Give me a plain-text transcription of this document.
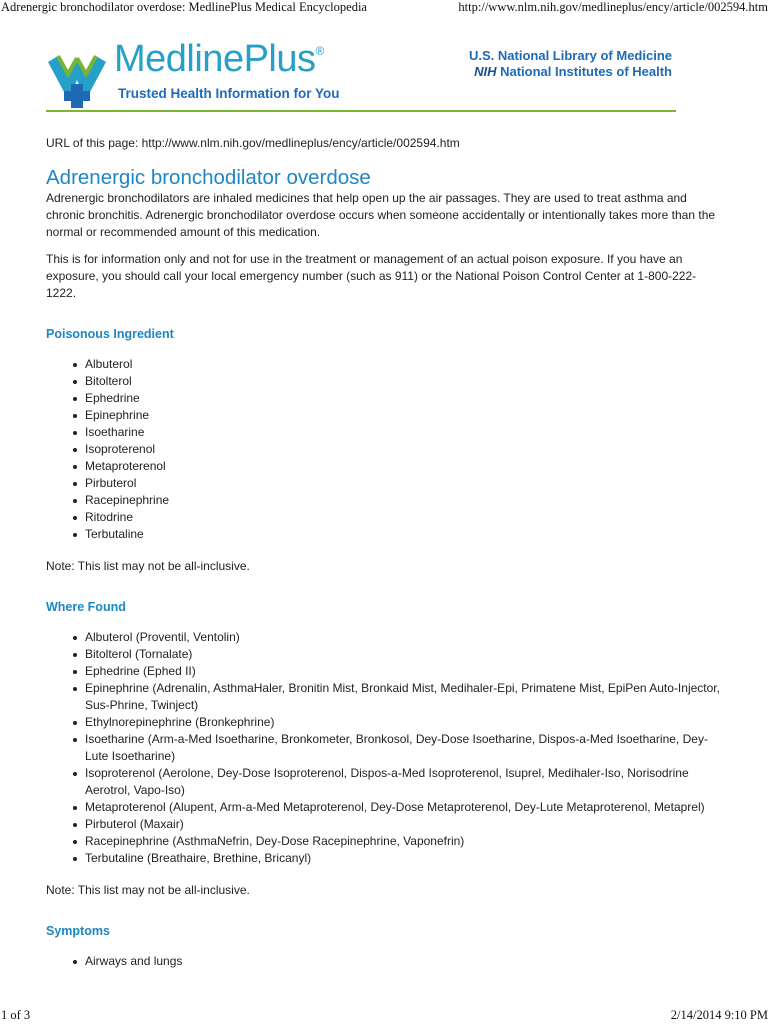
Adrenergic bronchodilator overdose: MedlinePlus Medical Encyclopedia	http://www.nlm.nih.gov/medlineplus/ency/article/002594.htm
MedlinePlus®
Trusted Health Information for You
U.S. National Library of Medicine
NIH National Institutes of Health

URL of this page: http://www.nlm.nih.gov/medlineplus/ency/article/002594.htm

Adrenergic bronchodilator overdose

Adrenergic bronchodilators are inhaled medicines that help open up the air passages. They are used to treat asthma and chronic bronchitis. Adrenergic bronchodilator overdose occurs when someone accidentally or intentionally takes more than the normal or recommended amount of this medication.

This is for information only and not for use in the treatment or management of an actual poison exposure. If you have an exposure, you should call your local emergency number (such as 911) or the National Poison Control Center at 1-800-222-1222.

Poisonous Ingredient
Albuterol
Bitolterol
Ephedrine
Epinephrine
Isoetharine
Isoproterenol
Metaproterenol
Pirbuterol
Racepinephrine
Ritodrine
Terbutaline

Note: This list may not be all-inclusive.

Where Found
Albuterol (Proventil, Ventolin)
Bitolterol (Tornalate)
Ephedrine (Ephed II)
Epinephrine (Adrenalin, AsthmaHaler, Bronitin Mist, Bronkaid Mist, Medihaler-Epi, Primatene Mist, EpiPen Auto-Injector, Sus-Phrine, Twinject)
Ethylnorepinephrine (Bronkephrine)
Isoetharine (Arm-a-Med Isoetharine, Bronkometer, Bronkosol, Dey-Dose Isoetharine, Dispos-a-Med Isoetharine, Dey-Lute Isoetharine)
Isoproterenol (Aerolone, Dey-Dose Isoproterenol, Dispos-a-Med Isoproterenol, Isuprel, Medihaler-Iso, Norisodrine Aerotrol, Vapo-Iso)
Metaproterenol (Alupent, Arm-a-Med Metaproterenol, Dey-Dose Metaproterenol, Dey-Lute Metaproterenol, Metaprel)
Pirbuterol (Maxair)
Racepinephrine (AsthmaNefrin, Dey-Dose Racepinephrine, Vaponefrin)
Terbutaline (Breathaire, Brethine, Bricanyl)

Note: This list may not be all-inclusive.

Symptoms
Airways and lungs
1 of 3	2/14/2014 9:10 PM
